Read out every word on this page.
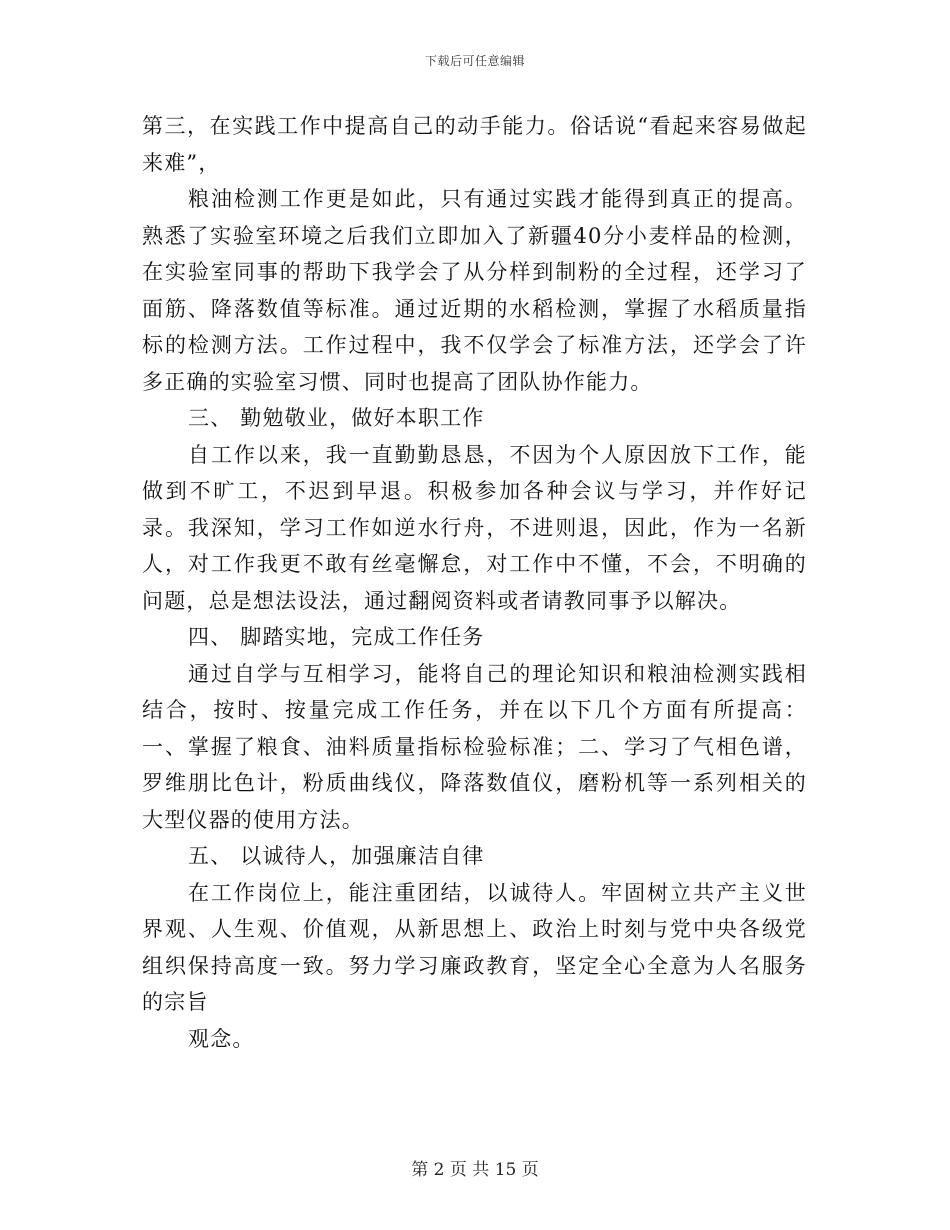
下载后可任意编辑

第三，在实践工作中提高自己的动手能力。俗话说“看起来容易做起来难”，

粮油检测工作更是如此，只有通过实践才能得到真正的提高。熟悉了实验室环境之后我们立即加入了新疆40分小麦样品的检测，在实验室同事的帮助下我学会了从分样到制粉的全过程，还学习了面筋、降落数值等标准。通过近期的水稻检测，掌握了水稻质量指标的检测方法。工作过程中，我不仅学会了标准方法，还学会了许多正确的实验室习惯、同时也提高了团队协作能力。

三、 勤勉敬业，做好本职工作

自工作以来，我一直勤勤恳恳，不因为个人原因放下工作，能做到不旷工，不迟到早退。积极参加各种会议与学习，并作好记录。我深知，学习工作如逆水行舟，不进则退，因此，作为一名新人，对工作我更不敢有丝毫懈怠，对工作中不懂，不会，不明确的问题，总是想法设法，通过翻阅资料或者请教同事予以解决。

四、 脚踏实地，完成工作任务

通过自学与互相学习，能将自己的理论知识和粮油检测实践相结合，按时、按量完成工作任务，并在以下几个方面有所提高：一、掌握了粮食、油料质量指标检验标准；二、学习了气相色谱，罗维朋比色计，粉质曲线仪，降落数值仪，磨粉机等一系列相关的大型仪器的使用方法。

五、 以诚待人，加强廉洁自律

在工作岗位上，能注重团结，以诚待人。牢固树立共产主义世界观、人生观、价值观，从新思想上、政治上时刻与党中央各级党组织保持高度一致。努力学习廉政教育，坚定全心全意为人名服务的宗旨

观念。

第 2 页 共 15 页
